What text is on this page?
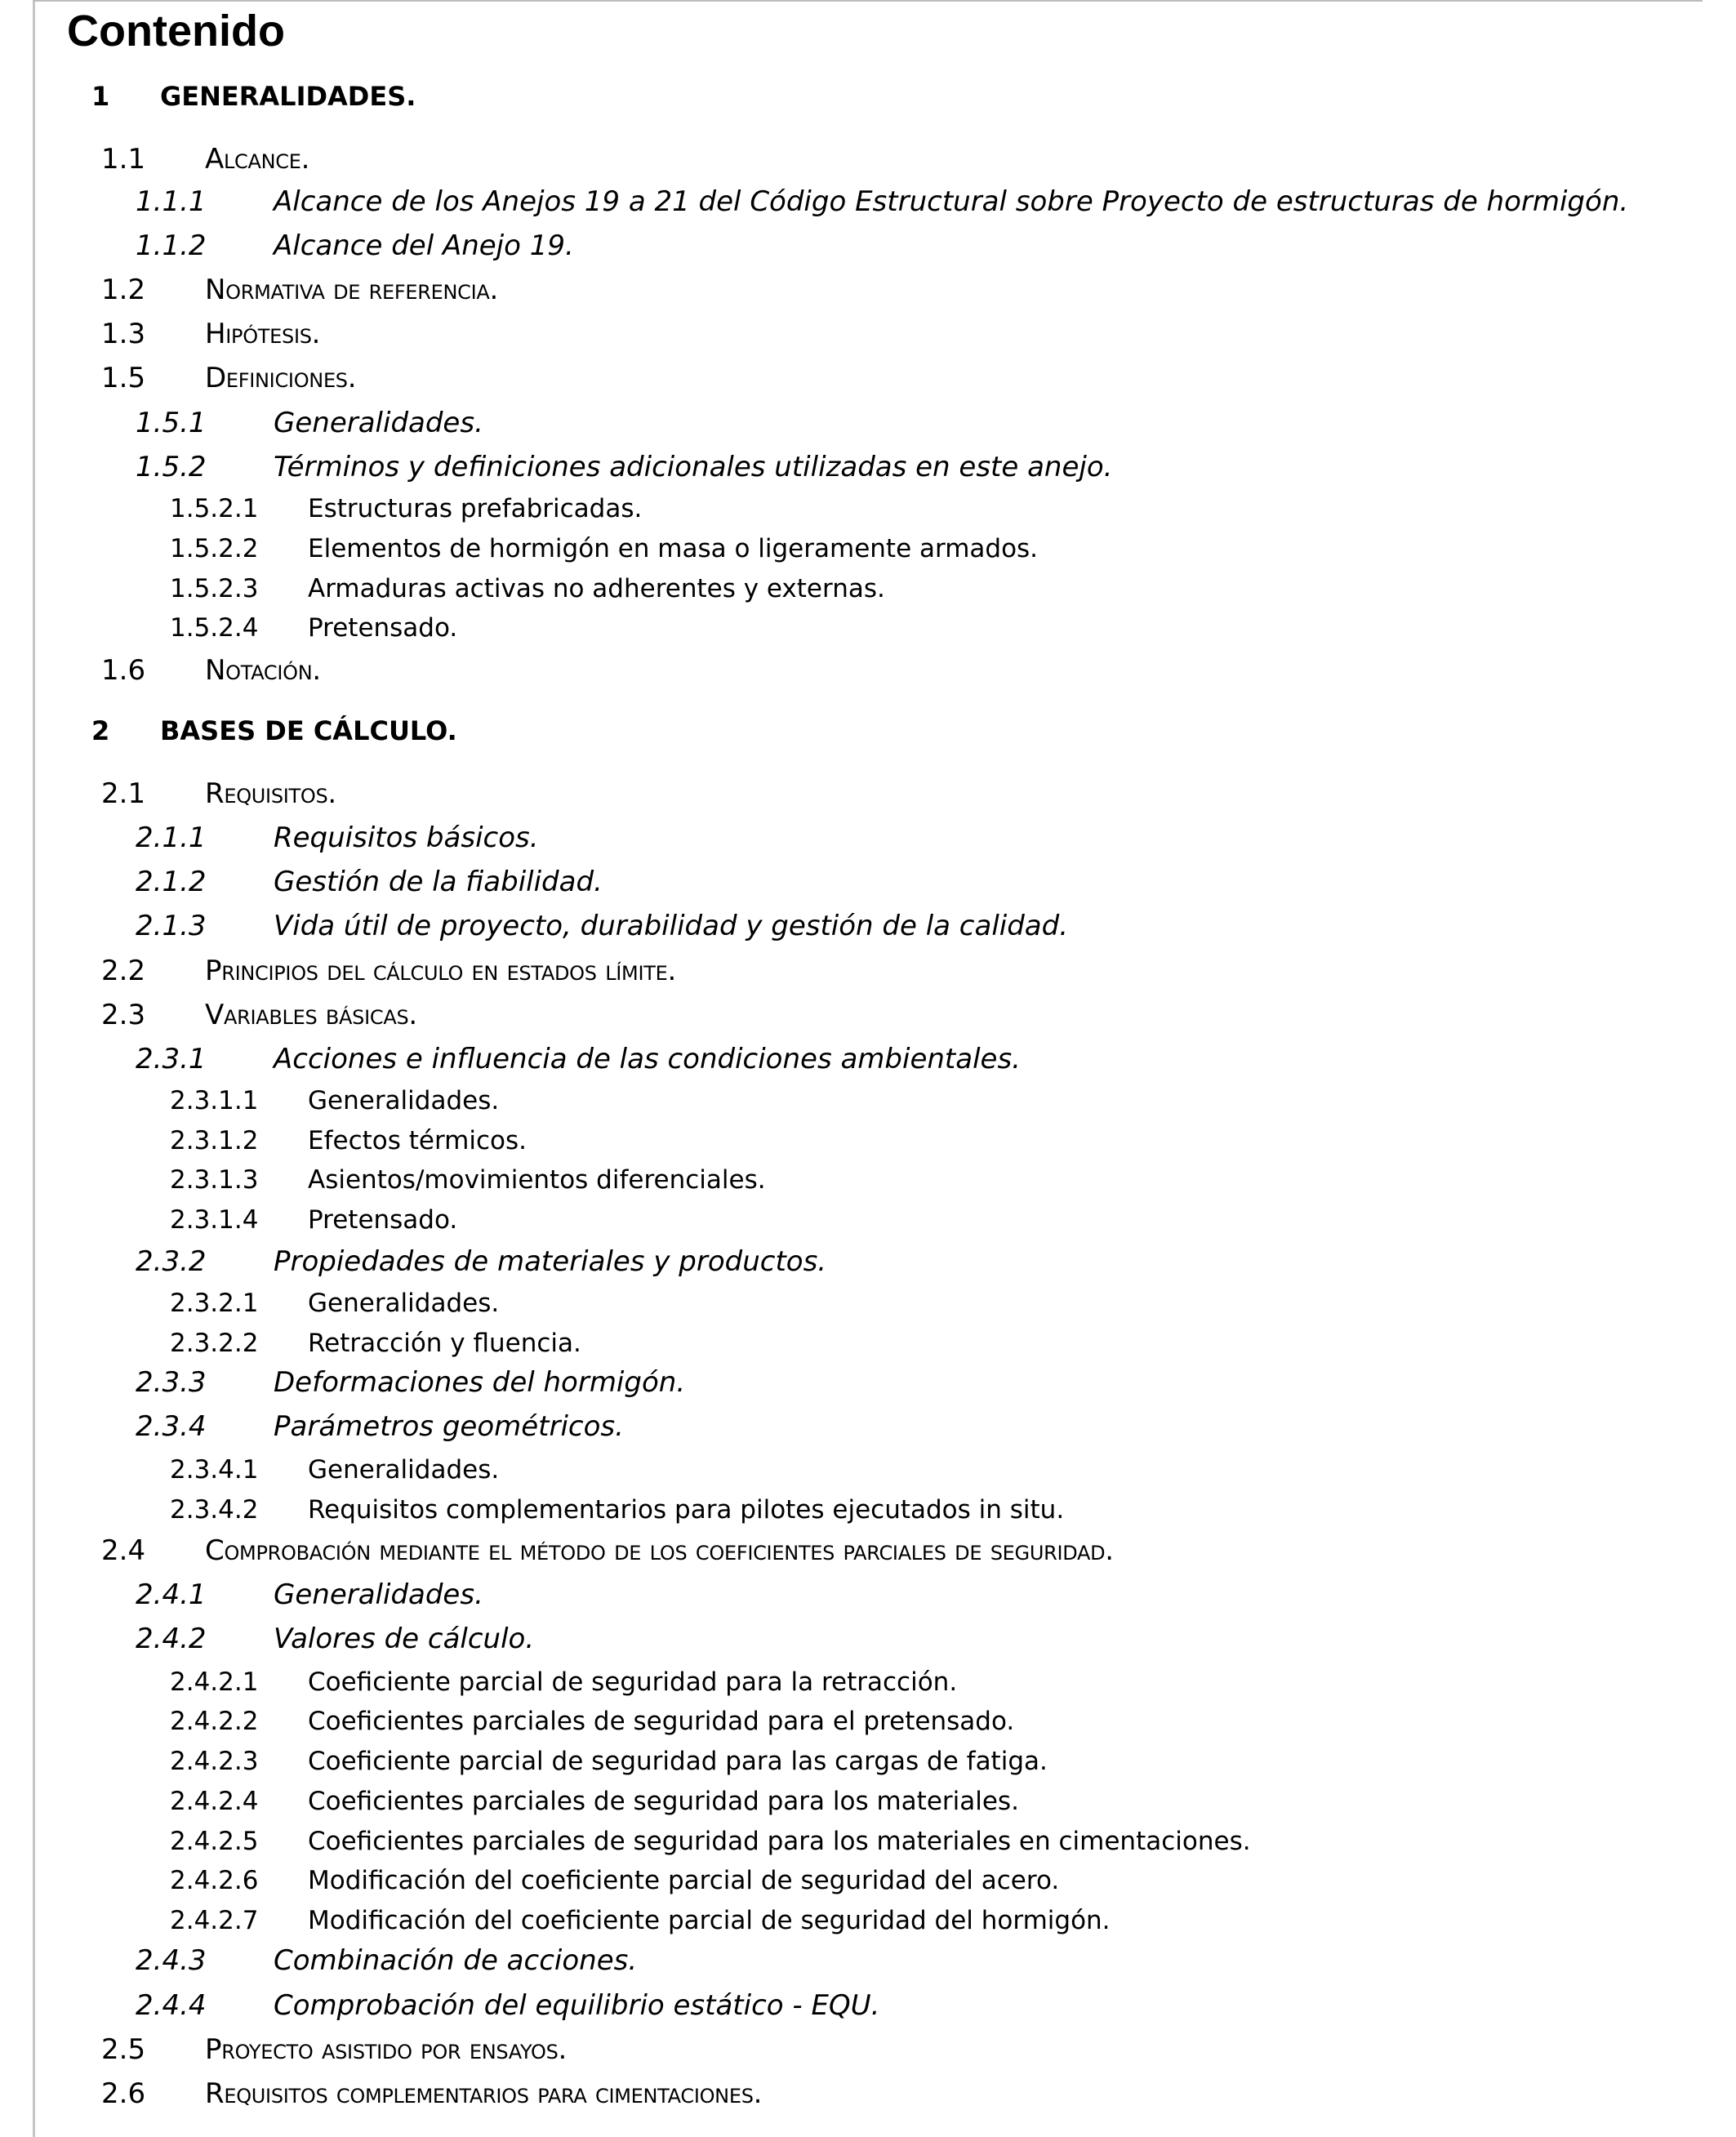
Contenido
1 GENERALIDADES.
1.1 Alcance.
1.1.1 Alcance de los Anejos 19 a 21 del Código Estructural sobre Proyecto de estructuras de hormigón.
1.1.2 Alcance del Anejo 19.
1.2 Normativa de referencia.
1.3 Hipótesis.
1.5 Definiciones.
1.5.1 Generalidades.
1.5.2 Términos y definiciones adicionales utilizadas en este anejo.
1.5.2.1 Estructuras prefabricadas.
1.5.2.2 Elementos de hormigón en masa o ligeramente armados.
1.5.2.3 Armaduras activas no adherentes y externas.
1.5.2.4 Pretensado.
1.6 Notación.
2 BASES DE CÁLCULO.
2.1 Requisitos.
2.1.1 Requisitos básicos.
2.1.2 Gestión de la fiabilidad.
2.1.3 Vida útil de proyecto, durabilidad y gestión de la calidad.
2.2 Principios del cálculo en estados límite.
2.3 Variables básicas.
2.3.1 Acciones e influencia de las condiciones ambientales.
2.3.1.1 Generalidades.
2.3.1.2 Efectos térmicos.
2.3.1.3 Asientos/movimientos diferenciales.
2.3.1.4 Pretensado.
2.3.2 Propiedades de materiales y productos.
2.3.2.1 Generalidades.
2.3.2.2 Retracción y fluencia.
2.3.3 Deformaciones del hormigón.
2.3.4 Parámetros geométricos.
2.3.4.1 Generalidades.
2.3.4.2 Requisitos complementarios para pilotes ejecutados in situ.
2.4 Comprobación mediante el método de los coeficientes parciales de seguridad.
2.4.1 Generalidades.
2.4.2 Valores de cálculo.
2.4.2.1 Coeficiente parcial de seguridad para la retracción.
2.4.2.2 Coeficientes parciales de seguridad para el pretensado.
2.4.2.3 Coeficiente parcial de seguridad para las cargas de fatiga.
2.4.2.4 Coeficientes parciales de seguridad para los materiales.
2.4.2.5 Coeficientes parciales de seguridad para los materiales en cimentaciones.
2.4.2.6 Modificación del coeficiente parcial de seguridad del acero.
2.4.2.7 Modificación del coeficiente parcial de seguridad del hormigón.
2.4.3 Combinación de acciones.
2.4.4 Comprobación del equilibrio estático - EQU.
2.5 Proyecto asistido por ensayos.
2.6 Requisitos complementarios para cimentaciones.
